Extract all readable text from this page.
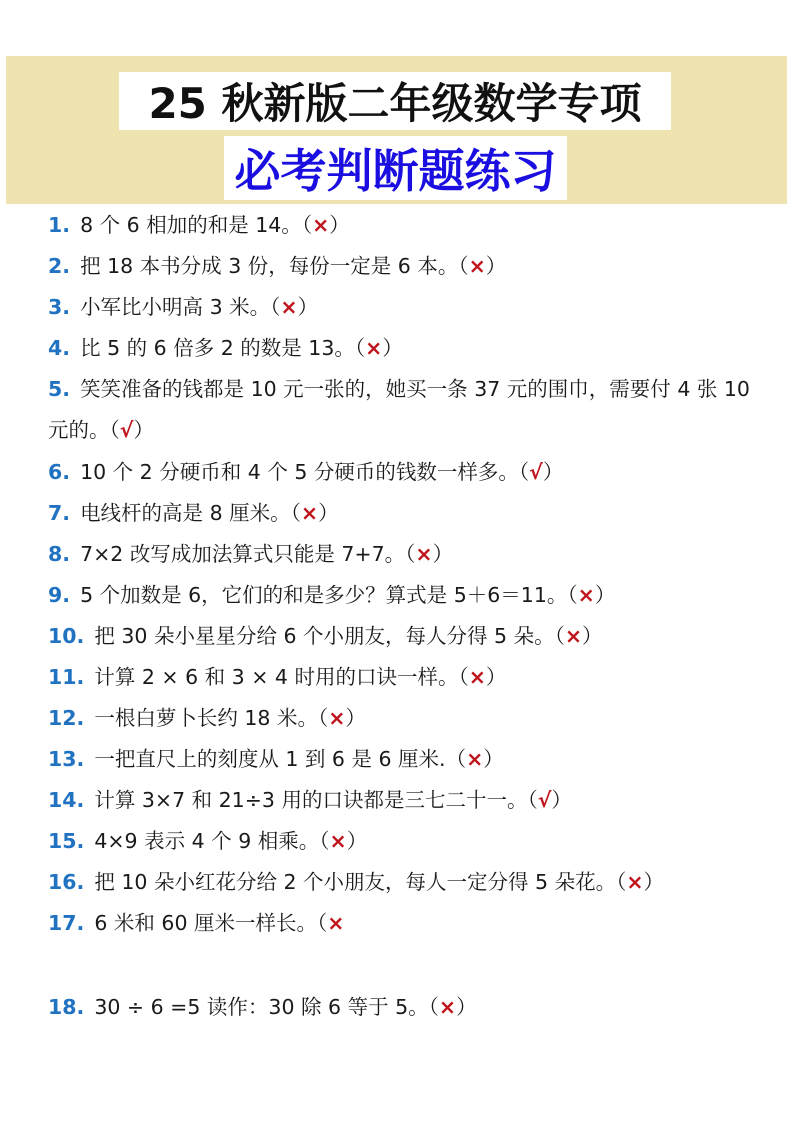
25 秋新版二年级数学专项
必考判断题练习
1. 8 个 6 相加的和是 14。（×）
2. 把 18 本书分成 3 份，每份一定是 6 本。（×）
3. 小军比小明高 3 米。（×）
4. 比 5 的 6 倍多 2 的数是 13。（×）
5. 笑笑准备的钱都是 10 元一张的，她买一条 37 元的围巾，需要付 4 张 10 元的。（√）
6. 10 个 2 分硬币和 4 个 5 分硬币的钱数一样多。（√）
7. 电线杆的高是 8 厘米。（×）
8. 7×2 改写成加法算式只能是 7+7。（×）
9. 5 个加数是 6，它们的和是多少？算式是 5＋6＝11。（×）
10. 把 30 朵小星星分给 6 个小朋友，每人分得 5 朵。（×）
11. 计算 2 × 6 和 3 × 4 时用的口诀一样。（×）
12. 一根白萝卜长约 18 米。（×）
13. 一把直尺上的刻度从 1 到 6 是 6 厘米.（×）
14. 计算 3×7 和 21÷3 用的口诀都是三七二十一。（√）
15. 4×9 表示 4 个 9 相乘。（×）
16. 把 10 朵小红花分给 2 个小朋友，每人一定分得 5 朵花。（×）
17. 6 米和 60 厘米一样长。（×
18. 30 ÷ 6 =5 读作：30 除 6 等于 5。（×）
